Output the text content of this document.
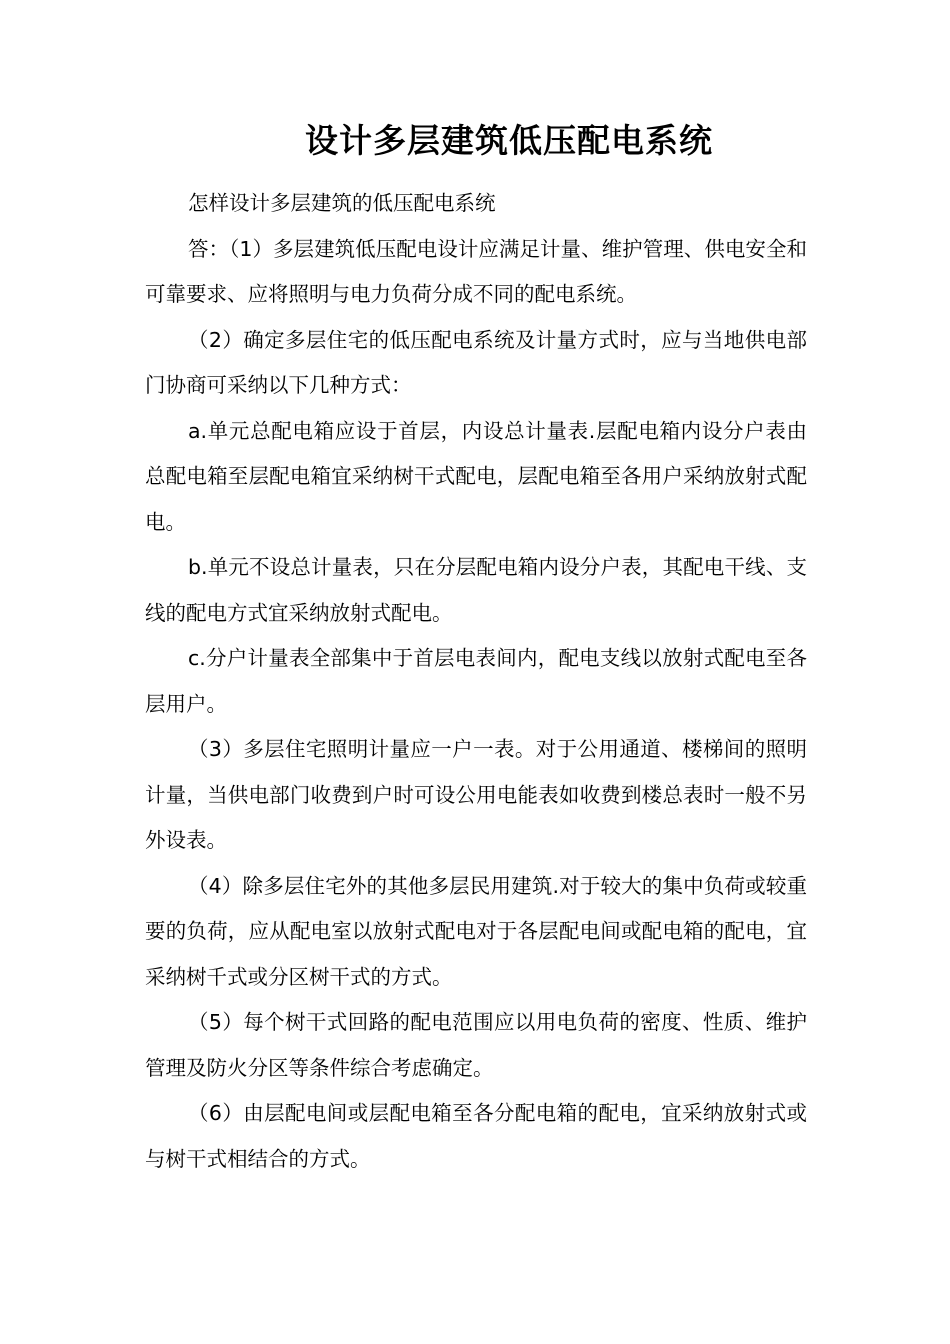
设计多层建筑低压配电系统

怎样设计多层建筑的低压配电系统

答：（1）多层建筑低压配电设计应满足计量、维护管理、供电安全和可靠要求、应将照明与电力负荷分成不同的配电系统。

（2）确定多层住宅的低压配电系统及计量方式时，应与当地供电部门协商可采纳以下几种方式：

a.单元总配电箱应设于首层，内设总计量表.层配电箱内设分户表由总配电箱至层配电箱宜采纳树干式配电，层配电箱至各用户采纳放射式配电。

b.单元不设总计量表，只在分层配电箱内设分户表，其配电干线、支线的配电方式宜采纳放射式配电。

c.分户计量表全部集中于首层电表间内，配电支线以放射式配电至各层用户。

（3）多层住宅照明计量应一户一表。对于公用通道、楼梯间的照明计量，当供电部门收费到户时可设公用电能表如收费到楼总表时一般不另外设表。

（4）除多层住宅外的其他多层民用建筑.对于较大的集中负荷或较重要的负荷，应从配电室以放射式配电对于各层配电间或配电箱的配电，宜采纳树千式或分区树干式的方式。

（5）每个树干式回路的配电范围应以用电负荷的密度、性质、维护管理及防火分区等条件综合考虑确定。

（6）由层配电间或层配电箱至各分配电箱的配电，宜采纳放射式或与树干式相结合的方式。
